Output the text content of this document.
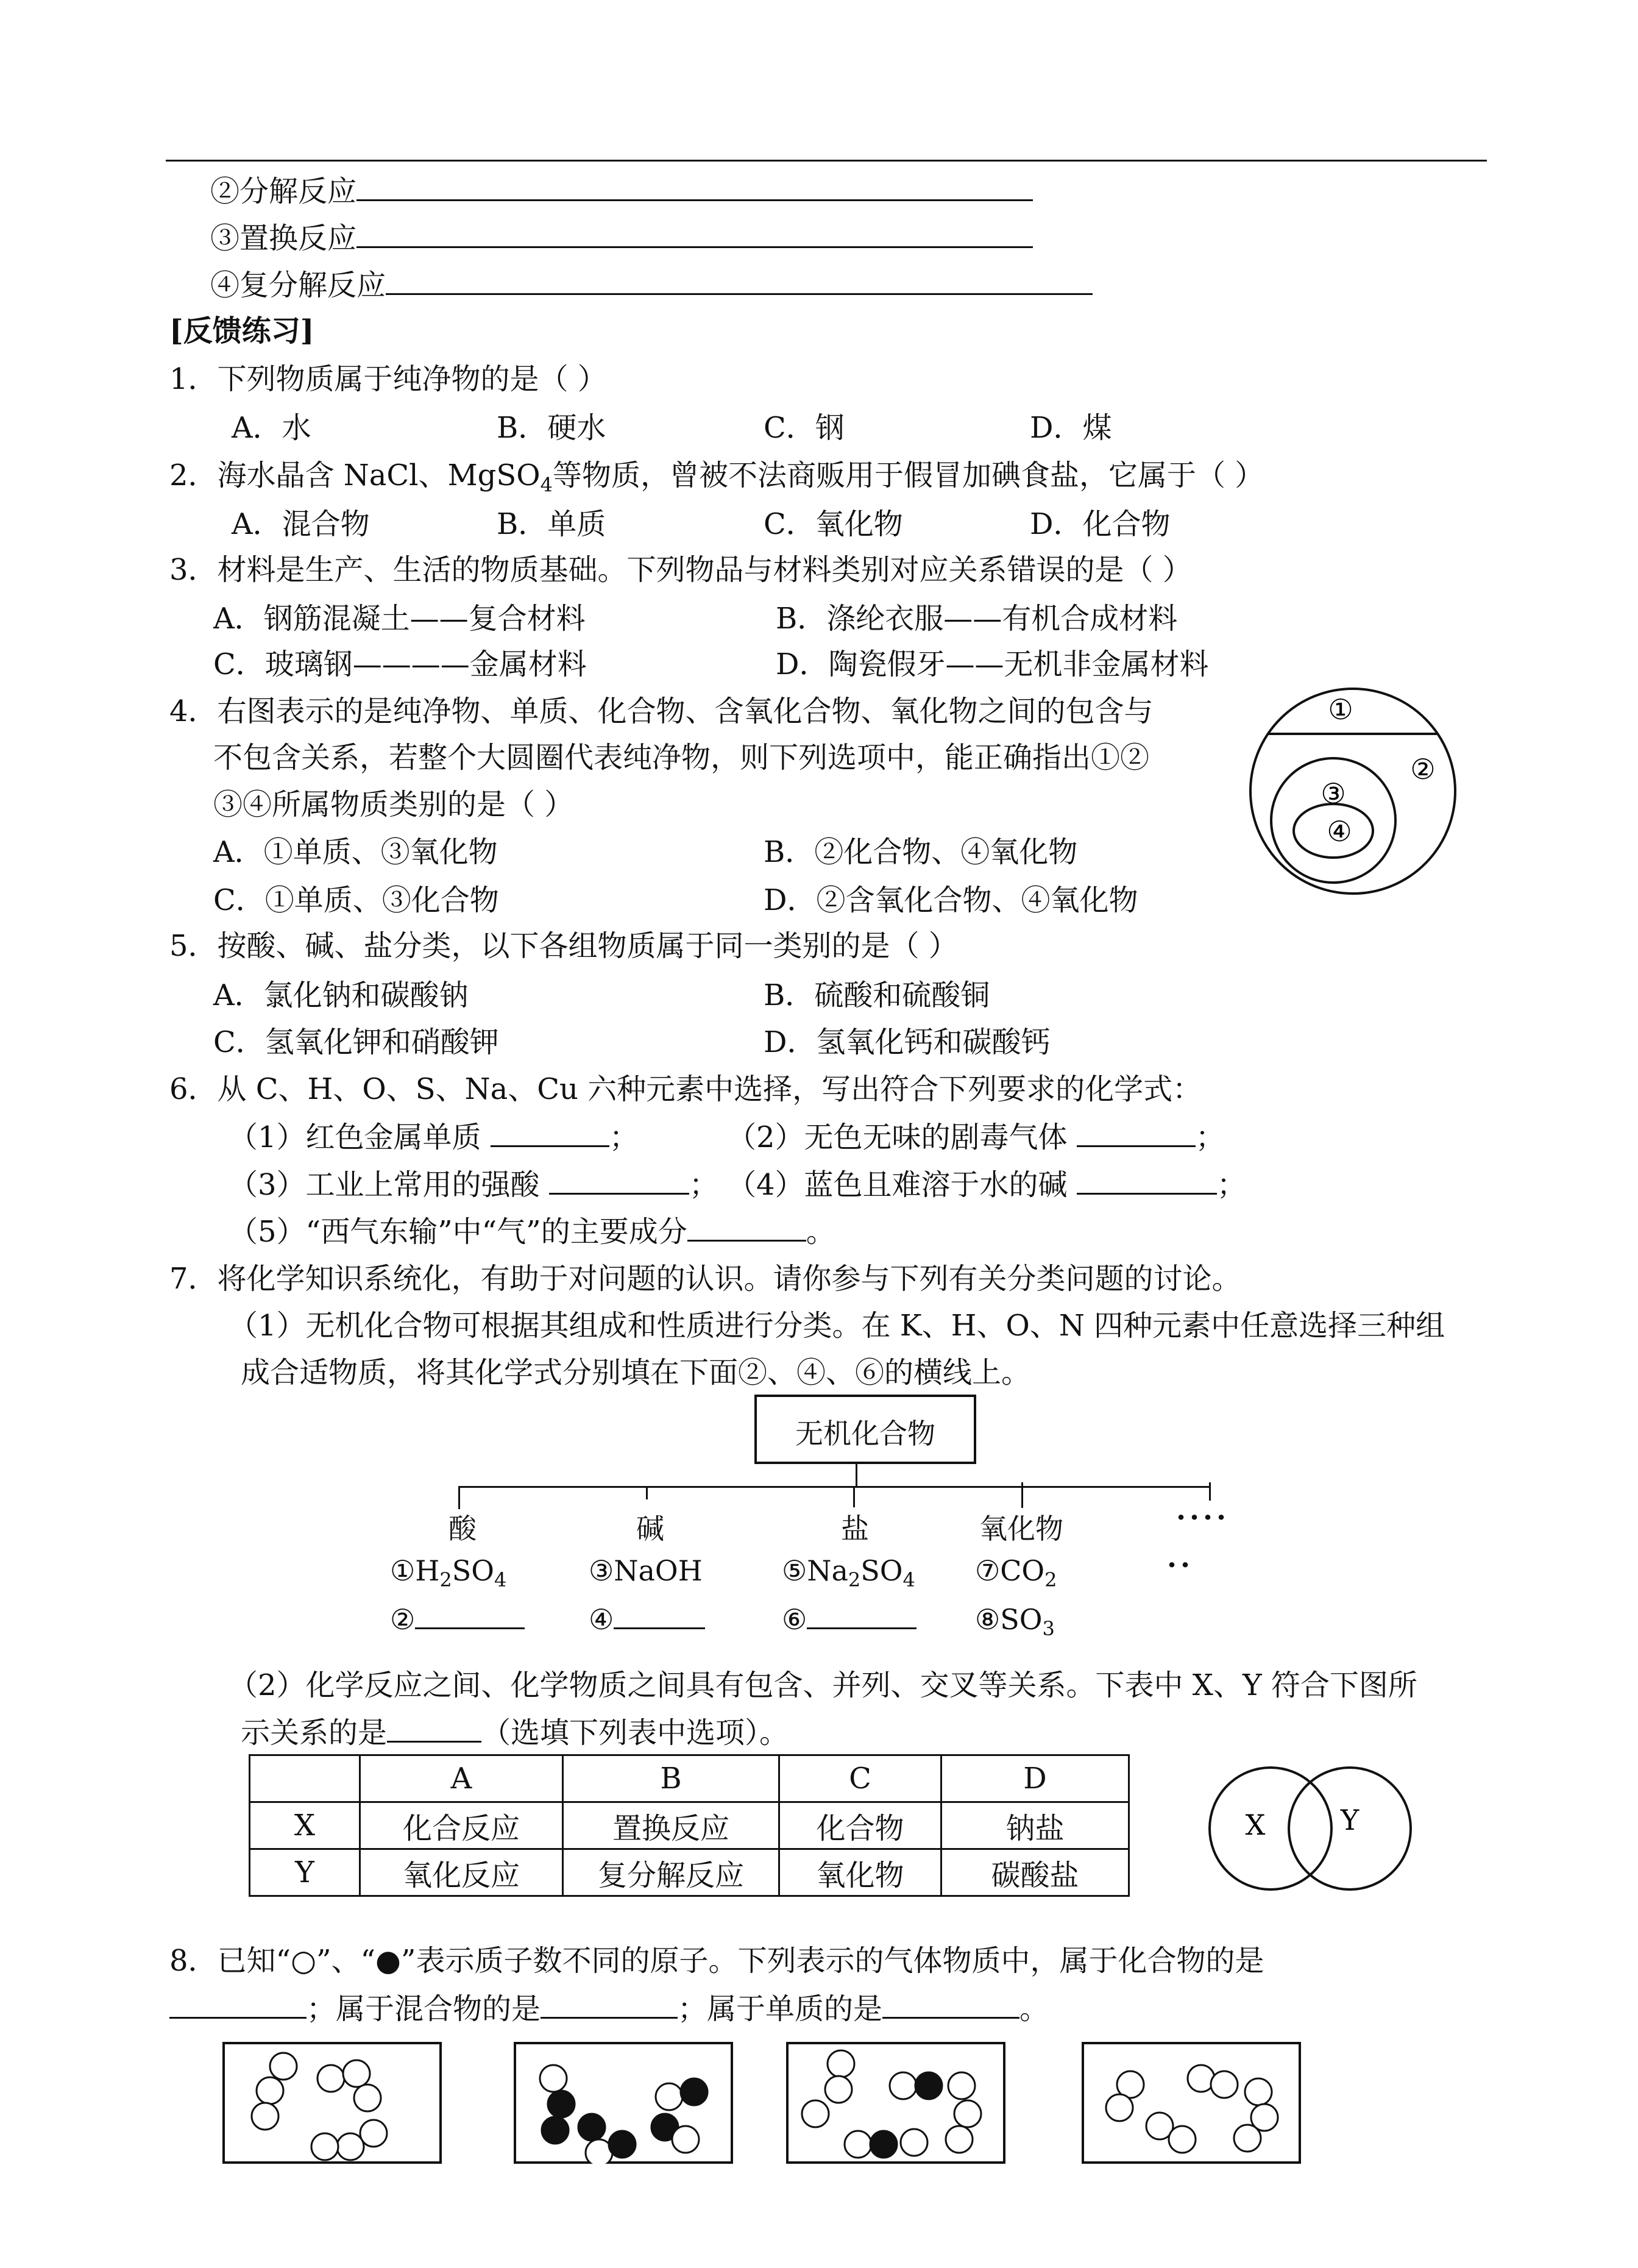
②分解反应
③置换反应
④复分解反应
[反馈练习]
1．下列物质属于纯净物的是（ ）
A．水	B．硬水	C．钢	D．煤
2．海水晶含 NaCl、MgSO$_4$等物质，曾被不法商贩用于假冒加碘食盐，它属于（ ）
A．混合物	B．单质	C．氧化物	D．化合物
3．材料是生产、生活的物质基础。下列物品与材料类别对应关系错误的是（ ）
A．钢筋混凝土——复合材料	B．涤纶衣服——有机合成材料
C．玻璃钢————金属材料	D．陶瓷假牙——无机非金属材料
4．右图表示的是纯净物、单质、化合物、含氧化合物、氧化物之间的包含与
不包含关系，若整个大圆圈代表纯净物，则下列选项中，能正确指出①②
③④所属物质类别的是（ ）
A．①单质、③氧化物	B．②化合物、④氧化物
C．①单质、③化合物	D．②含氧化合物、④氧化物
①
②
③
④
5．按酸、碱、盐分类，以下各组物质属于同一类别的是（ ）
A．氯化钠和碳酸钠	B．硫酸和硫酸铜
C．氢氧化钾和硝酸钾	D．氢氧化钙和碳酸钙
6．从 C、H、O、S、Na、Cu 六种元素中选择，写出符合下列要求的化学式：
（1）红色金属单质	；	（2）无色无味的剧毒气体	；
（3）工业上常用的强酸	； （4）蓝色且难溶于水的碱	；
（5）“西气东输”中“气”的主要成分	。
7．将化学知识系统化，有助于对问题的认识。请你参与下列有关分类问题的讨论。
（1）无机化合物可根据其组成和性质进行分类。在 K、H、O、N 四种元素中任意选择三种组
成合适物质，将其化学式分别填在下面②、④、⑥的横线上。
无机化合物
酸	碱	盐	氧化物	····
$①H_2SO_4$	③NaOH	$⑤Na_2SO_4$ $⑦CO_2$	··
②	④	⑥	$⑧SO_3$
（2）化学反应之间、化学物质之间具有包含、并列、交叉等关系。下表中 X、Y 符合下图所
示关系的是	（选填下列表中选项）。
	A	B	C	D
X	化合反应	置换反应	化合物	钠盐
Y	氧化反应	复分解反应	氧化物	碳酸盐
X	Y
8．已知“○”、“●”表示质子数不同的原子。下列表示的气体物质中，属于化合物的是
；属于混合物的是	；属于单质的是	。
